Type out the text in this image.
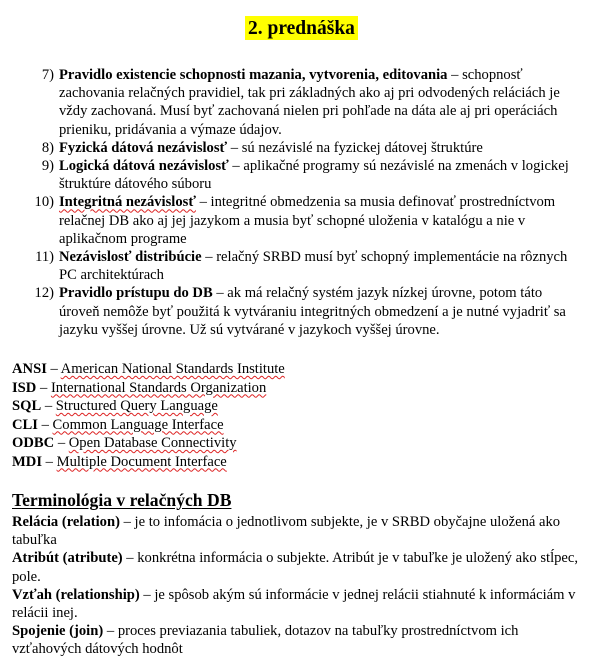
2. prednáška
7) Pravidlo existencie schopnosti mazania, vytvorenia, editovania – schopnosť zachovania relačných pravidiel, tak pri základných ako aj pri odvodených reláciách je vždy zachovaná. Musí byť zachovaná nielen pri pohľade na dáta ale aj pri operáciách prieniku, pridávania a výmaze údajov.
8) Fyzická dátová nezávislosť – sú nezávislé na fyzickej dátovej štruktúre
9) Logická dátová nezávislosť – aplikačné programy sú nezávislé na zmenách v logickej štruktúre dátového súboru
10) Integritná nezávislosť – integritné obmedzenia sa musia definovať prostredníctvom relačnej DB ako aj jej jazykom a musia byť schopné uloženia v katalógu a nie v aplikačnom programe
11) Nezávislosť distribúcie – relačný SRBD musí byť schopný implementácie na rôznych PC architektúrach
12) Pravidlo prístupu do DB – ak má relačný systém jazyk nízkej úrovne, potom táto úroveň nemôže byť použitá k vytváraniu integritných obmedzení a je nutné vyjadriť sa jazyku vyššej úrovne. Už sú vytvárané v jazykoch vyššej úrovne.
ANSI – American National Standards Institute
ISD – International Standards Organization
SQL – Structured Query Language
CLI – Common Language Interface
ODBC – Open Database Connectivity
MDI – Multiple Document Interface
Terminológia v relačných DB
Relácia (relation) – je to infomácia o jednotlivom subjekte, je v SRBD obyčajne uložená ako tabuľka
Atribút (atribute) – konkrétna informácia o subjekte. Atribút je v tabuľke je uložený ako stĺpec, pole.
Vzťah (relationship) – je spôsob akým sú informácie v jednej relácii stiahnuté k informáciám v relácii inej.
Spojenie (join) – proces previazania tabuliek, dotazov na tabuľky prostredníctvom ich vzťahových dátových hodnôt
